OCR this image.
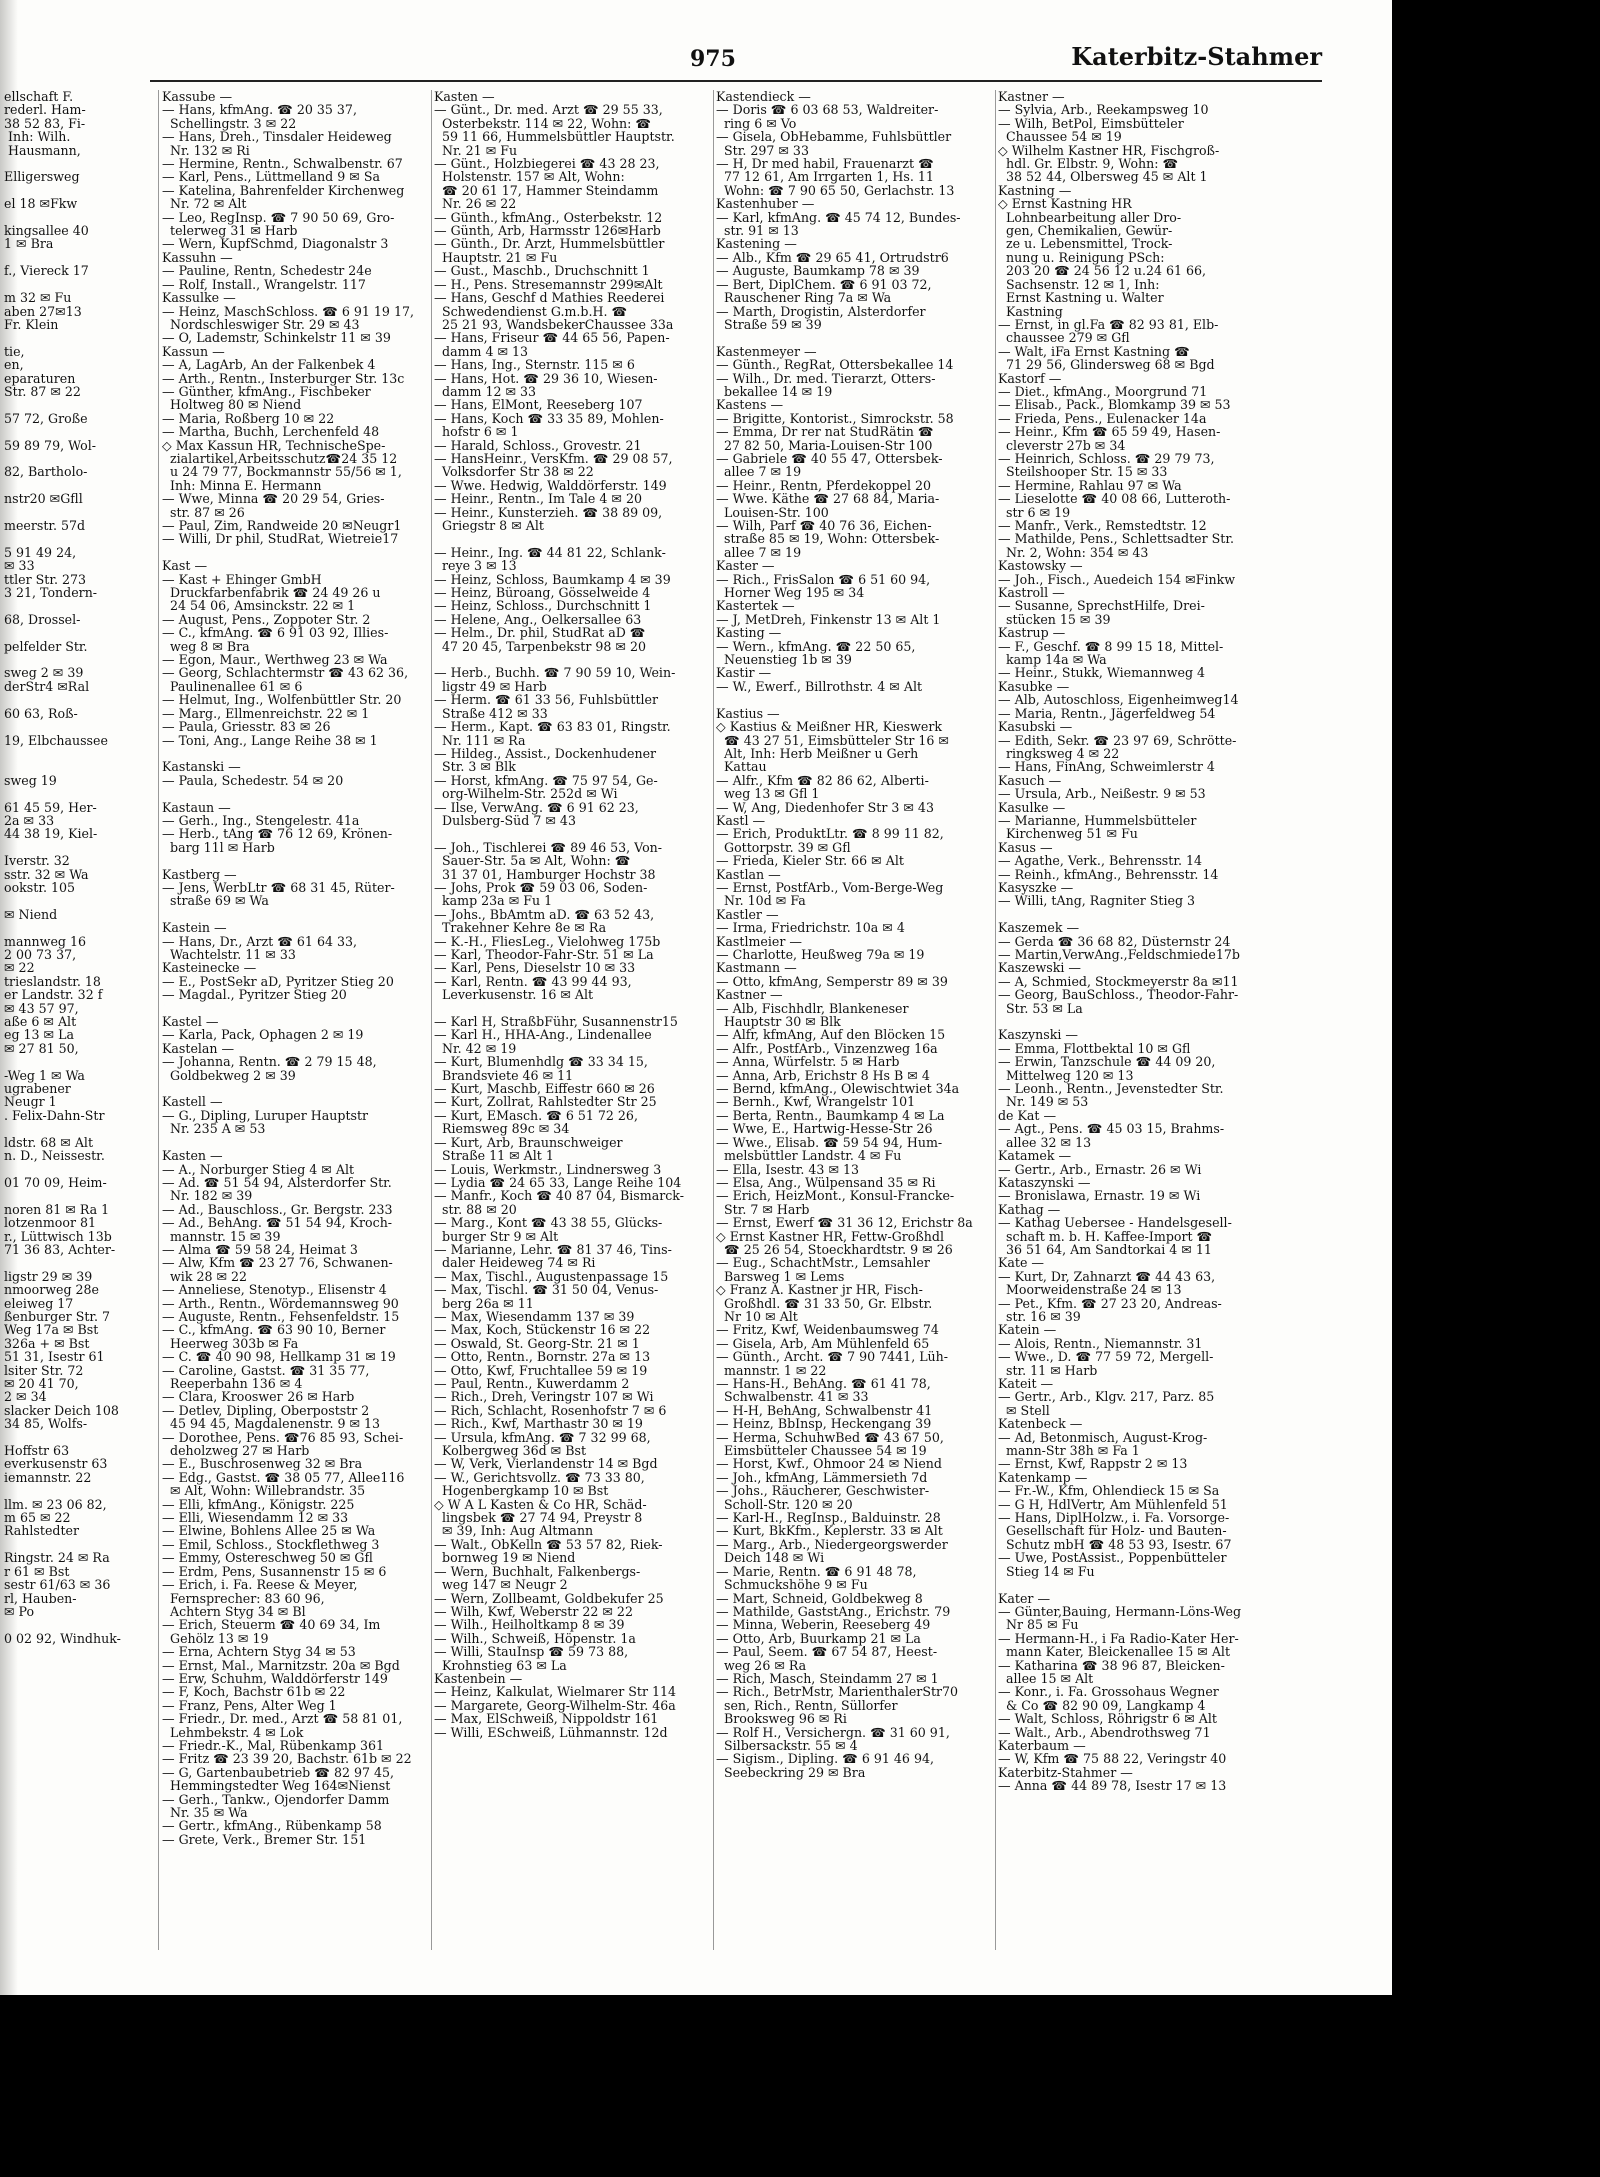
975	Katerbitz-Stahmer
ellschaft F.
rederl. Ham-
38 52 83, Fi-
Inh: Wilh.
Hausmann,

Elligersweg

el 18 ✉Fkw

kingsallee 40
1 ✉ Bra

f., Viereck 17

m 32 ✉ Fu
aben 27✉13
Fr. Klein

tie,
en,
eparaturen
Str. 87 ✉ 22

57 72, Große

59 89 79, Wol-

82, Bartholo-

nstr20 ✉Gfll

meerstr. 57d

5 91 49 24,
✉ 33
ttler Str. 273
3 21, Tondern-

68, Drossel-

pelfelder Str.

sweg 2 ✉ 39
derStr4 ✉Ral

60 63, Roß-

19, Elbchaussee

sweg 19

61 45 59, Her-
2a ✉ 33
44 38 19, Kiel-

Iverstr. 32
sstr. 32 ✉ Wa
ookstr. 105

✉ Niend

mannweg 16
2 00 73 37,
✉ 22
trieslandstr. 18
er Landstr. 32 f
✉ 43 57 97,
aße 6 ✉ Alt
eg 13 ✉ La
✉ 27 81 50,

-Weg 1 ✉ Wa
ugrabener
Neugr 1
. Felix-Dahn-Str

ldstr. 68 ✉ Alt
n. D., Neissestr.

01 70 09, Heim-

noren 81 ✉ Ra 1
lotzenmoor 81
r., Lüttwisch 13b
71 36 83, Achter-

ligstr 29 ✉ 39
nmoorweg 28e
eleiweg 17
ßenburger Str. 7
Weg 17a ✉ Bst
326a + ✉ Bst
51 31, Isestr 61
lsiter Str. 72
✉ 20 41 70,
2 ✉ 34
slacker Deich 108
34 85, Wolfs-

Hoffstr 63
everkusenstr 63
iemannstr. 22

llm. ✉ 23 06 82,
m 65 ✉ 22
Rahlstedter

Ringstr. 24 ✉ Ra
r 61 ✉ Bst
sestr 61/63 ✉ 36
rl, Hauben-
✉ Po

0 02 92, Windhuk-
Kassube —
— Hans, kfmAng. ☎ 20 35 37,
Schellingstr. 3 ✉ 22
— Hans, Dreh., Tinsdaler Heideweg
Nr. 132 ✉ Ri
— Hermine, Rentn., Schwalbenstr. 67
— Karl, Pens., Lüttmelland 9 ✉ Sa
— Katelina, Bahrenfelder Kirchenweg
Nr. 72 ✉ Alt
— Leo, RegInsp. ☎ 7 90 50 69, Gro-
telerweg 31 ✉ Harb
— Wern, KupfSchmd, Diagonalstr 3
Kassuhn —
— Pauline, Rentn, Schedestr 24e
— Rolf, Install., Wrangelstr. 117
Kassulke —
— Heinz, MaschSchloss. ☎ 6 91 19 17,
Nordschleswiger Str. 29 ✉ 43
— O, Lademstr, Schinkelstr 11 ✉ 39
Kassun —
— A, LagArb, An der Falkenbek 4
— Arth., Rentn., Insterburger Str. 13c
— Günther, kfmAng., Fischbeker
Holtweg 80 ✉ Niend
— Maria, Roßberg 10 ✉ 22
— Martha, Buchh, Lerchenfeld 48
◇ Max Kassun HR, TechnischeSpe-
zialartikel,Arbeitsschutz☎24 35 12
u 24 79 77, Bockmannstr 55/56 ✉ 1,
Inh: Minna E. Hermann
— Wwe, Minna ☎ 20 29 54, Gries-
str. 87 ✉ 26
— Paul, Zim, Randweide 20 ✉Neugr1
— Willi, Dr phil, StudRat, Wietreie17

Kast —
— Kast + Ehinger GmbH
Druckfarbenfabrik ☎ 24 49 26 u
24 54 06, Amsinckstr. 22 ✉ 1
— August, Pens., Zoppoter Str. 2
— C., kfmAng. ☎ 6 91 03 92, Illies-
weg 8 ✉ Bra
— Egon, Maur., Werthweg 23 ✉ Wa
— Georg, Schlachtermstr ☎ 43 62 36,
Paulinenallee 61 ✉ 6
— Helmut, Ing., Wolfenbüttler Str. 20
— Marg., Ellmenreichstr. 22 ✉ 1
— Paula, Griesstr. 83 ✉ 26
— Toni, Ang., Lange Reihe 38 ✉ 1

Kastanski —
— Paula, Schedestr. 54 ✉ 20

Kastaun —
— Gerh., Ing., Stengelestr. 41a
— Herb., tAng ☎ 76 12 69, Krönen-
barg 11l ✉ Harb

Kastberg —
— Jens, WerbLtr ☎ 68 31 45, Rüter-
straße 69 ✉ Wa

Kastein —
— Hans, Dr., Arzt ☎ 61 64 33,
Wachtelstr. 11 ✉ 33
Kasteinecke —
— E., PostSekr aD, Pyritzer Stieg 20
— Magdal., Pyritzer Stieg 20

Kastel —
— Karla, Pack, Ophagen 2 ✉ 19
Kastelan —
— Johanna, Rentn. ☎ 2 79 15 48,
Goldbekweg 2 ✉ 39

Kastell —
— G., Dipling, Luruper Hauptstr
Nr. 235 A ✉ 53

Kasten —
— A., Norburger Stieg 4 ✉ Alt
— Ad. ☎ 51 54 94, Alsterdorfer Str.
Nr. 182 ✉ 39
— Ad., Bauschloss., Gr. Bergstr. 233
— Ad., BehAng. ☎ 51 54 94, Kroch-
mannstr. 15 ✉ 39
— Alma ☎ 59 58 24, Heimat 3
— Alw, Kfm ☎ 23 27 76, Schwanen-
wik 28 ✉ 22
— Anneliese, Stenotyp., Elisenstr 4
— Arth., Rentn., Wördemannsweg 90
— Auguste, Rentn., Fehsenfeldstr. 15
— C., kfmAng. ☎ 63 90 10, Berner
Heerweg 303b ✉ Fa
— C. ☎ 40 90 98, Hellkamp 31 ✉ 19
— Caroline, Gastst. ☎ 31 35 77,
Reeperbahn 136 ✉ 4
— Clara, Krooswег 26 ✉ Harb
— Detlev, Dipling, Oberpoststr 2
45 94 45, Magdalenenstr. 9 ✉ 13
— Dorothee, Pens. ☎76 85 93, Schei-
deholzweg 27 ✉ Harb
— E., Buschrosenweg 32 ✉ Bra
— Edg., Gastst. ☎ 38 05 77, Allee116
✉ Alt, Wohn: Willebrandstr. 35
— Elli, kfmAng., Königstr. 225
— Elli, Wiesendamm 12 ✉ 33
— Elwine, Bohlens Allee 25 ✉ Wa
— Emil, Schloss., Stockflethweg 3
— Emmy, Ostereschweg 50 ✉ Gfl
— Erdm, Pens, Susannenstr 15 ✉ 6
— Erich, i. Fa. Reese & Meyer,
Fernsprecher: 83 60 96,
Achtern Styg 34 ✉ Bl
— Erich, Steuerm ☎ 40 69 34, Im
Gehölz 13 ✉ 19
— Erna, Achtern Styg 34 ✉ 53
— Ernst, Mal., Marnitzstr. 20a ✉ Bgd
— Erw, Schuhm, Walddörferstr 149
— F, Koch, Bachstr 61b ✉ 22
— Franz, Pens, Alter Weg 1
— Friedr., Dr. med., Arzt ☎ 58 81 01,
Lehmbekstr. 4 ✉ Lok
— Friedr.-K., Mal, Rübenkamp 361
— Fritz ☎ 23 39 20, Bachstr. 61b ✉ 22
— G, Gartenbaubetrieb ☎ 82 97 45,
Hemmingstedter Weg 164✉Nienst
— Gerh., Tankw., Ojendorfer Damm
Nr. 35 ✉ Wa
— Gertr., kfmAng., Rübenkamp 58
— Grete, Verk., Bremer Str. 151
Kasten —
— Günt., Dr. med. Arzt ☎ 29 55 33,
Osterbekstr. 114 ✉ 22, Wohn: ☎
59 11 66, Hummelsbüttler Hauptstr.
Nr. 21 ✉ Fu
— Günt., Holzbiegerei ☎ 43 28 23,
Holstenstr. 157 ✉ Alt, Wohn:
☎ 20 61 17, Hammer Steindamm
Nr. 26 ✉ 22
— Günth., kfmAng., Osterbekstr. 12
— Günth, Arb, Harmsstr 126✉Harb
— Günth., Dr. Arzt, Hummelsbüttler
Hauptstr. 21 ✉ Fu
— Gust., Maschb., Druchschnitt 1
— H., Pens. Stresemannstr 299✉Alt
— Hans, Geschf d Mathies Reederei
Schwedendienst G.m.b.H. ☎
25 21 93, WandsbekerChaussee 33a
— Hans, Friseur ☎ 44 65 56, Papen-
damm 4 ✉ 13
— Hans, Ing., Sternstr. 115 ✉ 6
— Hans, Hot. ☎ 29 36 10, Wiesen-
damm 12 ✉ 33
— Hans, ElMont, Reeseberg 107
— Hans, Koch ☎ 33 35 89, Mohlen-
hofstr 6 ✉ 1
— Harald, Schloss., Grovestr. 21
— HansHeinr., VersKfm. ☎ 29 08 57,
Volksdorfer Str 38 ✉ 22
— Wwe. Hedwig, Walddörferstr. 149
— Heinr., Rentn., Im Tale 4 ✉ 20
— Heinr., Kunsterzieh. ☎ 38 89 09,
Griegstr 8 ✉ Alt

— Heinr., Ing. ☎ 44 81 22, Schlank-
reye 3 ✉ 13
— Heinz, Schloss, Baumkamp 4 ✉ 39
— Heinz, Büroang, Gösselweide 4
— Heinz, Schloss., Durchschnitt 1
— Helene, Ang., Oelkersallee 63
— Helm., Dr. phil, StudRat aD ☎
47 20 45, Tarpenbekstr 98 ✉ 20

— Herb., Buchh. ☎ 7 90 59 10, Wein-
ligstr 49 ✉ Harb
— Herm. ☎ 61 33 56, Fuhlsbüttler
Straße 412 ✉ 33
— Herm., Kapt. ☎ 63 83 01, Ringstr.
Nr. 111 ✉ Ra
— Hildeg., Assist., Dockenhudener
Str. 3 ✉ Blk
— Horst, kfmAng. ☎ 75 97 54, Ge-
org-Wilhelm-Str. 252d ✉ Wi
— Ilse, VerwAng. ☎ 6 91 62 23,
Dulsberg-Süd 7 ✉ 43

— Joh., Tischlerei ☎ 89 46 53, Von-
Sauer-Str. 5a ✉ Alt, Wohn: ☎
31 37 01, Hamburger Hochstr 38
— Johs, Prok ☎ 59 03 06, Soden-
kamp 23a ✉ Fu 1
— Johs., BbAmtm aD. ☎ 63 52 43,
Trakehner Kehre 8e ✉ Ra
— K.-H., FliesLeg., Vielohweg 175b
— Karl, Theodor-Fahr-Str. 51 ✉ La
— Karl, Pens, Dieselstr 10 ✉ 33
— Karl, Rentn. ☎ 43 99 44 93,
Leverkusenstr. 16 ✉ Alt

— Karl H, StraßbFühr, Susannenstr15
— Karl H., HHA-Ang., Lindenallee
Nr. 42 ✉ 19
— Kurt, Blumenhdlg ☎ 33 34 15,
Brandsviete 46 ✉ 11
— Kurt, Maschb, Eiffestr 660 ✉ 26
— Kurt, Zollrat, Rahlstedter Str 25
— Kurt, EMasch. ☎ 6 51 72 26,
Riemsweg 89c ✉ 34
— Kurt, Arb, Braunschweiger
Straße 11 ✉ Alt 1
— Louis, Werkmstr., Lindnersweg 3
— Lydia ☎ 24 65 33, Lange Reihe 104
— Manfr., Koch ☎ 40 87 04, Bismarck-
str. 88 ✉ 20
— Marg., Kont ☎ 43 38 55, Glücks-
burger Str 9 ✉ Alt
— Marianne, Lehr. ☎ 81 37 46, Tins-
daler Heideweg 74 ✉ Ri
— Max, Tischl., Augustenpassage 15
— Max, Tischl. ☎ 31 50 04, Venus-
berg 26a ✉ 11
— Max, Wiesendamm 137 ✉ 39
— Max, Koch, Stückenstr 16 ✉ 22
— Oswald, St. Georg-Str. 21 ✉ 1
— Otto, Rentn., Bornstr. 27a ✉ 13
— Otto, Kwf, Fruchtallee 59 ✉ 19
— Paul, Rentn., Kuwerdamm 2
— Rich., Dreh, Veringstr 107 ✉ Wi
— Rich, Schlacht, Rosenhofstr 7 ✉ 6
— Rich., Kwf, Marthastr 30 ✉ 19
— Ursula, kfmAng. ☎ 7 32 99 68,
Kolbergweg 36d ✉ Bst
— W, Verk, Vierlandenstr 14 ✉ Bgd
— W., Gerichtsvollz. ☎ 73 33 80,
Hogenbergkamp 10 ✉ Bst
◇ W A L Kasten & Co HR, Schäd-
lingsbek ☎ 27 74 94, Preystr 8
✉ 39, Inh: Aug Altmann
— Walt., ObKelln ☎ 53 57 82, Riek-
bornweg 19 ✉ Niend
— Wern, Buchhalt, Falkenbergs-
weg 147 ✉ Neugr 2
— Wern, Zollbeamt, Goldbekufer 25
— Wilh, Kwf, Weberstr 22 ✉ 22
— Wilh., Heilholtkamp 8 ✉ 39
— Wilh., Schweiß, Höpenstr. 1a
— Willi, StauInsp ☎ 59 73 88,
Krohnstieg 63 ✉ La
Kastenbein —
— Heinz, Kalkulat, Wielmarer Str 114
— Margarete, Georg-Wilhelm-Str. 46a
— Max, ElSchweiß, Nippoldstr 161
— Willi, ESchweiß, Lühmannstr. 12d
Kastendieck —
— Doris ☎ 6 03 68 53, Waldreiter-
ring 6 ✉ Vo
— Gisela, ObHebamme, Fuhlsbüttler
Str. 297 ✉ 33
— H, Dr med habil, Frauenarzt ☎
77 12 61, Am Irrgarten 1, Hs. 11
Wohn: ☎ 7 90 65 50, Gerlachstr. 13
Kastenhuber —
— Karl, kfmAng. ☎ 45 74 12, Bundes-
str. 91 ✉ 13
Kastening —
— Alb., Kfm ☎ 29 65 41, Ortrudstr6
— Auguste, Baumkamp 78 ✉ 39
— Bert, DiplChem. ☎ 6 91 03 72,
Rauschener Ring 7a ✉ Wa
— Marth, Drogistin, Alsterdorfer
Straße 59 ✉ 39

Kastenmeyer —
— Günth., RegRat, Ottersbekallee 14
— Wilh., Dr. med. Tierarzt, Otters-
bekallee 14 ✉ 19
Kastens —
— Brigitte, Kontorist., Simrockstr. 58
— Emma, Dr rer nat StudRätin ☎
27 82 50, Maria-Louisen-Str 100
— Gabriele ☎ 40 55 47, Ottersbek-
allee 7 ✉ 19
— Heinr., Rentn, Pferdekoppel 20
— Wwe. Käthe ☎ 27 68 84, Maria-
Louisen-Str. 100
— Wilh, Parf ☎ 40 76 36, Eichen-
straße 85 ✉ 19, Wohn: Ottersbek-
allee 7 ✉ 19
Kaster —
— Rich., FrisSalon ☎ 6 51 60 94,
Horner Weg 195 ✉ 34
Kastertek —
— J, MetDreh, Finkenstr 13 ✉ Alt 1
Kasting —
— Wern., kfmAng. ☎ 22 50 65,
Neuenstieg 1b ✉ 39
Kastir —
— W., Ewerf., Billrothstr. 4 ✉ Alt

Kastius —
◇ Kastius & Meißner HR, Kieswerk
☎ 43 27 51, Eimsbütteler Str 16 ✉
Alt, Inh: Herb Meißner u Gerh
Kattau
— Alfr., Kfm ☎ 82 86 62, Alberti-
weg 13 ✉ Gfl 1
— W, Ang, Diedenhofer Str 3 ✉ 43
Kastl —
— Erich, ProduktLtr. ☎ 8 99 11 82,
Gottorpstr. 39 ✉ Gfl
— Frieda, Kieler Str. 66 ✉ Alt
Kastlan —
— Ernst, PostfArb., Vom-Berge-Weg
Nr. 10d ✉ Fa
Kastler —
— Irma, Friedrichstr. 10a ✉ 4
Kastlmeier —
— Charlotte, Heußweg 79a ✉ 19
Kastmann —
— Otto, kfmAng, Semperstr 89 ✉ 39
Kastner —
— Alb, Fischhdlr, Blankeneser
Hauptstr 30 ✉ Blk
— Alfr, kfmAng, Auf den Blöcken 15
— Alfr., PostfArb., Vinzenzweg 16a
— Anna, Würfelstr. 5 ✉ Harb
— Anna, Arb, Erichstr 8 Hs B ✉ 4
— Bernd, kfmAng., Olewischtwiet 34a
— Bernh., Kwf, Wrangelstr 101
— Berta, Rentn., Baumkamp 4 ✉ La
— Wwe, E., Hartwig-Hesse-Str 26
— Wwe., Elisab. ☎ 59 54 94, Hum-
melsbüttler Landstr. 4 ✉ Fu
— Ella, Isestr. 43 ✉ 13
— Elsa, Ang., Wülpensand 35 ✉ Ri
— Erich, HeizMont., Konsul-Francke-
Str. 7 ✉ Harb
— Ernst, Ewerf ☎ 31 36 12, Erichstr 8a
◇ Ernst Kastner HR, Fettw-Großhdl
☎ 25 26 54, Stoeckhardtstr. 9 ✉ 26
— Eug., SchachtMstr., Lemsahler
Barsweg 1 ✉ Lems
◇ Franz A. Kastner jr HR, Fisch-
Großhdl. ☎ 31 33 50, Gr. Elbstr.
Nr 10 ✉ Alt
— Fritz, Kwf, Weidenbaumsweg 74
— Gisela, Arb, Am Mühlenfeld 65
— Günth., Archt. ☎ 7 90 7441, Lüh-
mannstr. 1 ✉ 22
— Hans-H., BehAng. ☎ 61 41 78,
Schwalbenstr. 41 ✉ 33
— H-H, BehAng, Schwalbenstr 41
— Heinz, BbInsp, Heckengang 39
— Herma, SchuhwBed ☎ 43 67 50,
Eimsbütteler Chaussee 54 ✉ 19
— Horst, Kwf., Ohmoor 24 ✉ Niend
— Joh., kfmAng, Lämmersieth 7d
— Johs., Räucherer, Geschwister-
Scholl-Str. 120 ✉ 20
— Karl-H., RegInsp., Balduinstr. 28
— Kurt, BkKfm., Keplerstr. 33 ✉ Alt
— Marg., Arb., Niedergeorgswerder
Deich 148 ✉ Wi
— Marie, Rentn. ☎ 6 91 48 78,
Schmuckshöhe 9 ✉ Fu
— Mart, Schneid, Goldbekweg 8
— Mathilde, GaststAng., Erichstr. 79
— Minna, Weberin, Reeseberg 49
— Otto, Arb, Buurkamp 21 ✉ La
— Paul, Seem. ☎ 67 54 87, Heest-
weg 26 ✉ Ra
— Rich, Masch, Steindamm 27 ✉ 1
— Rich., BetrMstr, MarienthalerStr70
sen, Rich., Rentn, Süllorfer
Brooksweg 96 ✉ Ri
— Rolf H., Versichergn. ☎ 31 60 91,
Silbersackstr. 55 ✉ 4
— Sigism., Dipling. ☎ 6 91 46 94,
Seebeckring 29 ✉ Bra
Kastner —
— Sylvia, Arb., Reekampsweg 10
— Wilh, BetPol, Eimsbütteler
Chaussee 54 ✉ 19
◇ Wilhelm Kastner HR, Fischgroß-
hdl. Gr. Elbstr. 9, Wohn: ☎
38 52 44, Olbersweg 45 ✉ Alt 1
Kastning —
◇ Ernst Kastning HR
Lohnbearbeitung aller Dro-
gen, Chemikalien, Gewür-
ze u. Lebensmittel, Trock-
nung u. Reinigung PSch:
203 20 ☎ 24 56 12 u.24 61 66,
Sachsenstr. 12 ✉ 1, Inh:
Ernst Kastning u. Walter
Kastning
— Ernst, in gl.Fa ☎ 82 93 81, Elb-
chaussee 279 ✉ Gfl
— Walt, iFa Ernst Kastning ☎
71 29 56, Glindersweg 68 ✉ Bgd
Kastorf —
— Diet., kfmAng., Moorgrund 71
— Elisab., Pack., Blomkamp 39 ✉ 53
— Frieda, Pens., Eulenacker 14a
— Heinr., Kfm ☎ 65 59 49, Hasen-
cleverstr 27b ✉ 34
— Heinrich, Schloss. ☎ 29 79 73,
Steilshooper Str. 15 ✉ 33
— Hermine, Rahlau 97 ✉ Wa
— Lieselotte ☎ 40 08 66, Lutteroth-
str 6 ✉ 19
— Manfr., Verk., Remstedtstr. 12
— Mathilde, Pens., Schlettsadter Str.
Nr. 2, Wohn: 354 ✉ 43
Kastowsky —
— Joh., Fisch., Auedeich 154 ✉Finkw
Kastroll —
— Susanne, SprechstHilfe, Drei-
stücken 15 ✉ 39
Kastrup —
— F., Geschf. ☎ 8 99 15 18, Mittel-
kamp 14a ✉ Wa
— Heinr., Stukk, Wiemannweg 4
Kasubke —
— Alb, Autoschloss, Eigenheimweg14
— Maria, Rentn., Jägerfeldweg 54
Kasubski —
— Edith, Sekr. ☎ 23 97 69, Schrötte-
ringksweg 4 ✉ 22
— Hans, FinAng, Schweimlerstr 4
Kasuch —
— Ursula, Arb., Neißestr. 9 ✉ 53
Kasulke —
— Marianne, Hummelsbütteler
Kirchenweg 51 ✉ Fu
Kasus —
— Agathe, Verk., Behrensstr. 14
— Reinh., kfmAng., Behrensstr. 14
Kasyszke —
— Willi, tAng, Ragniter Stieg 3

Kaszemek —
— Gerda ☎ 36 68 82, Düsternstr 24
— Martin,VerwAng.,Feldschmiede17b
Kaszewski —
— A, Schmied, Stockmeyerstr 8a ✉11
— Georg, BauSchloss., Theodor-Fahr-
Str. 53 ✉ La

Kaszynski —
— Emma, Flottbektal 10 ✉ Gfl
— Erwin, Tanzschule ☎ 44 09 20,
Mittelweg 120 ✉ 13
— Leonh., Rentn., Jevenstedter Str.
Nr. 149 ✉ 53
de Kat —
— Agt., Pens. ☎ 45 03 15, Brahms-
allee 32 ✉ 13
Katamek —
— Gertr., Arb., Ernastr. 26 ✉ Wi
Kataszynski —
— Bronislawa, Ernastr. 19 ✉ Wi
Kathag —
— Kathag Uebersee - Handelsgesell-
schaft m. b. H. Kaffee-Import ☎
36 51 64, Am Sandtorkai 4 ✉ 11
Kate —
— Kurt, Dr, Zahnarzt ☎ 44 43 63,
Moorweidenstraße 24 ✉ 13
— Pet., Kfm. ☎ 27 23 20, Andreas-
str. 16 ✉ 39
Katein —
— Alois, Rentn., Niemannstr. 31
— Wwe., D. ☎ 77 59 72, Mergell-
str. 11 ✉ Harb
Kateit —
— Gertr., Arb., Klgv. 217, Parz. 85
✉ Stell
Katenbeck —
— Ad, Betonmisch, August-Krog-
mann-Str 38h ✉ Fa 1
— Ernst, Kwf, Rappstr 2 ✉ 13
Katenkamp —
— Fr.-W., Kfm, Ohlendieck 15 ✉ Sa
— G H, HdlVertr, Am Mühlenfeld 51
— Hans, DiplHolzw., i. Fa. Vorsorge-
Gesellschaft für Holz- und Bauten-
Schutz mbH ☎ 48 53 93, Isestr. 67
— Uwe, PostAssist., Poppenbütteler
Stieg 14 ✉ Fu

Kater —
— Günter,Bauing, Hermann-Löns-Weg
Nr 85 ✉ Fu
— Hermann-H., i Fa Radio-Kater Her-
mann Kater, Bleickenallee 15 ✉ Alt
— Katharina ☎ 38 96 87, Bleicken-
allee 15 ✉ Alt
— Konr., i. Fa. Grossohaus Wegner
& Co ☎ 82 90 09, Langkamp 4
— Walt, Schloss, Röhrigstr 6 ✉ Alt
— Walt., Arb., Abendrothsweg 71
Katerbaum —
— W, Kfm ☎ 75 88 22, Veringstr 40
Katerbitz-Stahmer —
— Anna ☎ 44 89 78, Isestr 17 ✉ 13
